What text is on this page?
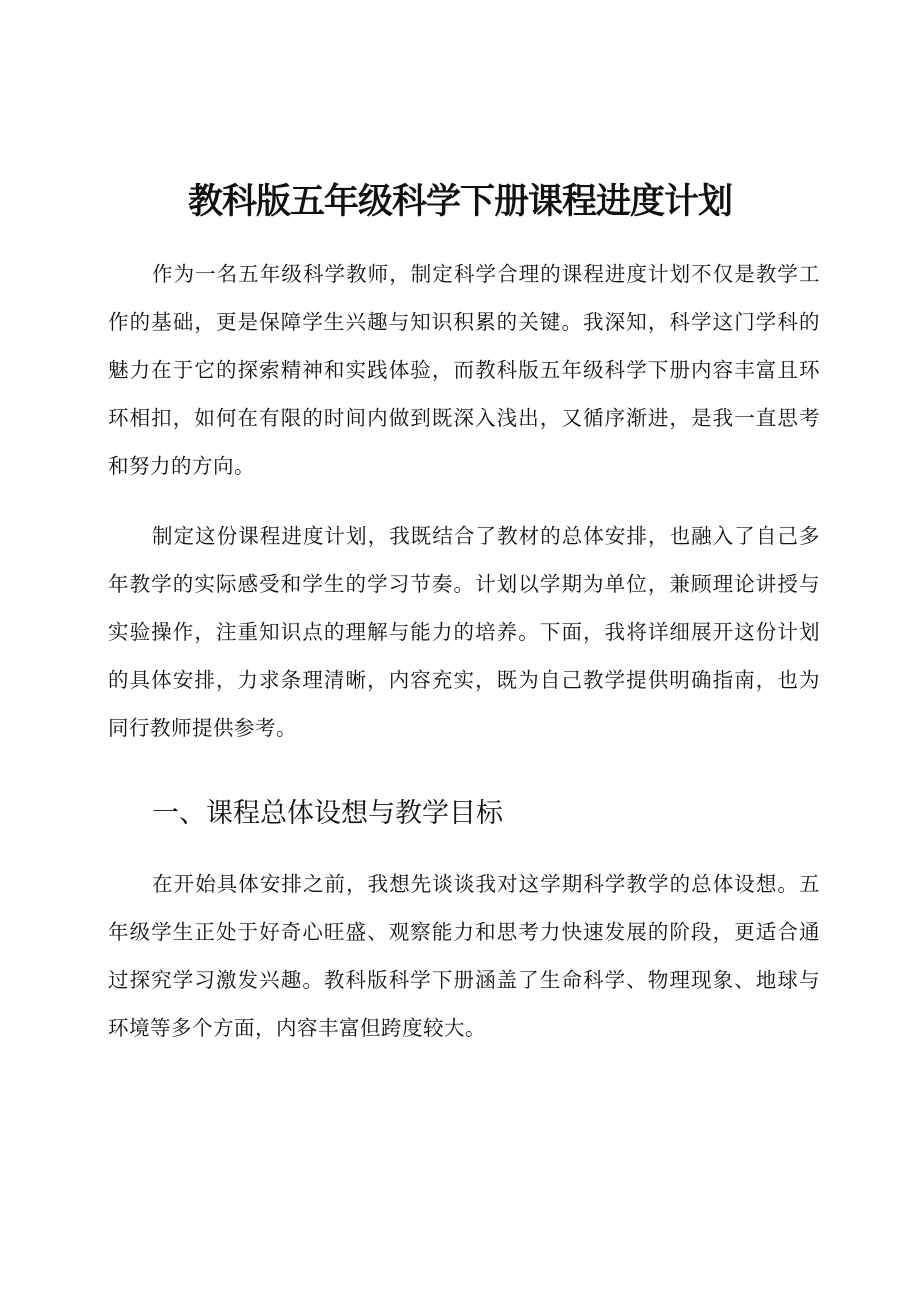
教科版五年级科学下册课程进度计划

作为一名五年级科学教师，制定科学合理的课程进度计划不仅是教学工作的基础，更是保障学生兴趣与知识积累的关键。我深知，科学这门学科的魅力在于它的探索精神和实践体验，而教科版五年级科学下册内容丰富且环环相扣，如何在有限的时间内做到既深入浅出，又循序渐进，是我一直思考和努力的方向。

制定这份课程进度计划，我既结合了教材的总体安排，也融入了自己多年教学的实际感受和学生的学习节奏。计划以学期为单位，兼顾理论讲授与实验操作，注重知识点的理解与能力的培养。下面，我将详细展开这份计划的具体安排，力求条理清晰，内容充实，既为自己教学提供明确指南，也为同行教师提供参考。

一、课程总体设想与教学目标

在开始具体安排之前，我想先谈谈我对这学期科学教学的总体设想。五年级学生正处于好奇心旺盛、观察能力和思考力快速发展的阶段，更适合通过探究学习激发兴趣。教科版科学下册涵盖了生命科学、物理现象、地球与环境等多个方面，内容丰富但跨度较大。
